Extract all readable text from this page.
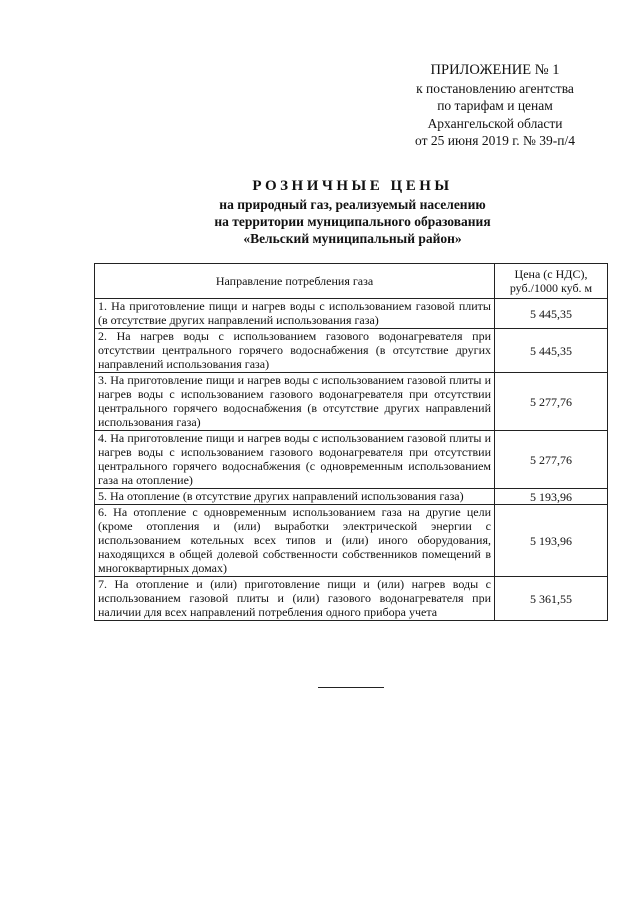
ПРИЛОЖЕНИЕ № 1
к постановлению агентства
по тарифам и ценам
Архангельской области
от 25 июня 2019 г. № 39-п/4
РОЗНИЧНЫЕ ЦЕНЫ
на природный газ, реализуемый населению
на территории муниципального образования
«Вельский муниципальный район»
Направление потребления газа	Цена (с НДС), руб./1000 куб. м
1. На приготовление пищи и нагрев воды с использованием газовой плиты (в отсутствие других направлений использования газа)	5 445,35
2. На нагрев воды с использованием газового водонагревателя при отсутствии центрального горячего водоснабжения (в отсутствие других направлений использования газа)	5 445,35
3. На приготовление пищи и нагрев воды с использованием газовой плиты и нагрев воды с использованием газового водонагревателя при отсутствии центрального горячего водоснабжения (в отсутствие других направлений использования газа)	5 277,76
4. На приготовление пищи и нагрев воды с использованием газовой плиты и нагрев воды с использованием газового водонагревателя при отсутствии центрального горячего водоснабжения (с одновременным использованием газа на отопление)	5 277,76
5. На отопление (в отсутствие других направлений использования газа)	5 193,96
6. На отопление с одновременным использованием газа на другие цели (кроме отопления и (или) выработки электрической энергии с использованием котельных всех типов и (или) иного оборудования, находящихся в общей долевой собственности собственников помещений в многоквартирных домах)	5 193,96
7. На отопление и (или) приготовление пищи и (или) нагрев воды с использованием газовой плиты и (или) газового водонагревателя при наличии для всех направлений потребления одного прибора учета	5 361,55
